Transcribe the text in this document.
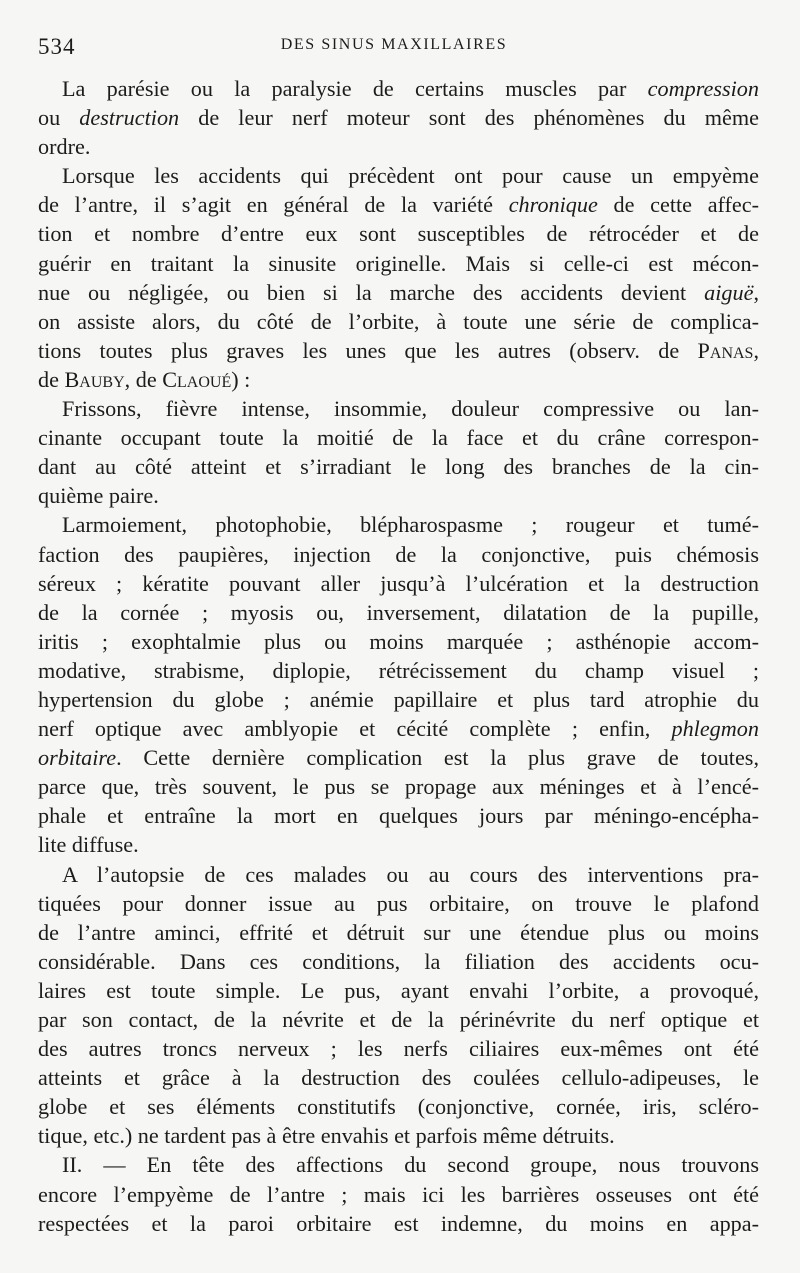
534	DES SINUS MAXILLAIRES
La parésie ou la paralysie de certains muscles par compression
ou destruction de leur nerf moteur sont des phénomènes du même
ordre.
Lorsque les accidents qui précèdent ont pour cause un empyème
de l’antre, il s’agit en général de la variété chronique de cette affec-
tion et nombre d’entre eux sont susceptibles de rétrocéder et de
guérir en traitant la sinusite originelle. Mais si celle-ci est mécon-
nue ou négligée, ou bien si la marche des accidents devient aiguë,
on assiste alors, du côté de l’orbite, à toute une série de complica-
tions toutes plus graves les unes que les autres (observ. de Panas,
de Bauby, de Claoué) :
Frissons, fièvre intense, insommie, douleur compressive ou lan-
cinante occupant toute la moitié de la face et du crâne correspon-
dant au côté atteint et s’irradiant le long des branches de la cin-
quième paire.
Larmoiement, photophobie, blépharospasme ; rougeur et tumé-
faction des paupières, injection de la conjonctive, puis chémosis
séreux ; kératite pouvant aller jusqu’à l’ulcération et la destruction
de la cornée ; myosis ou, inversement, dilatation de la pupille,
iritis ; exophtalmie plus ou moins marquée ; asthénopie accom-
modative, strabisme, diplopie, rétrécissement du champ visuel ;
hypertension du globe ; anémie papillaire et plus tard atrophie du
nerf optique avec amblyopie et cécité complète ; enfin, phlegmon
orbitaire. Cette dernière complication est la plus grave de toutes,
parce que, très souvent, le pus se propage aux méninges et à l’encé-
phale et entraîne la mort en quelques jours par méningo-encépha-
lite diffuse.
A l’autopsie de ces malades ou au cours des interventions pra-
tiquées pour donner issue au pus orbitaire, on trouve le plafond
de l’antre aminci, effrité et détruit sur une étendue plus ou moins
considérable. Dans ces conditions, la filiation des accidents ocu-
laires est toute simple. Le pus, ayant envahi l’orbite, a provoqué,
par son contact, de la névrite et de la périnévrite du nerf optique et
des autres troncs nerveux ; les nerfs ciliaires eux-mêmes ont été
atteints et grâce à la destruction des coulées cellulo-adipeuses, le
globe et ses éléments constitutifs (conjonctive, cornée, iris, scléro-
tique, etc.) ne tardent pas à être envahis et parfois même détruits.
II. — En tête des affections du second groupe, nous trouvons
encore l’empyème de l’antre ; mais ici les barrières osseuses ont été
respectées et la paroi orbitaire est indemne, du moins en appa-
